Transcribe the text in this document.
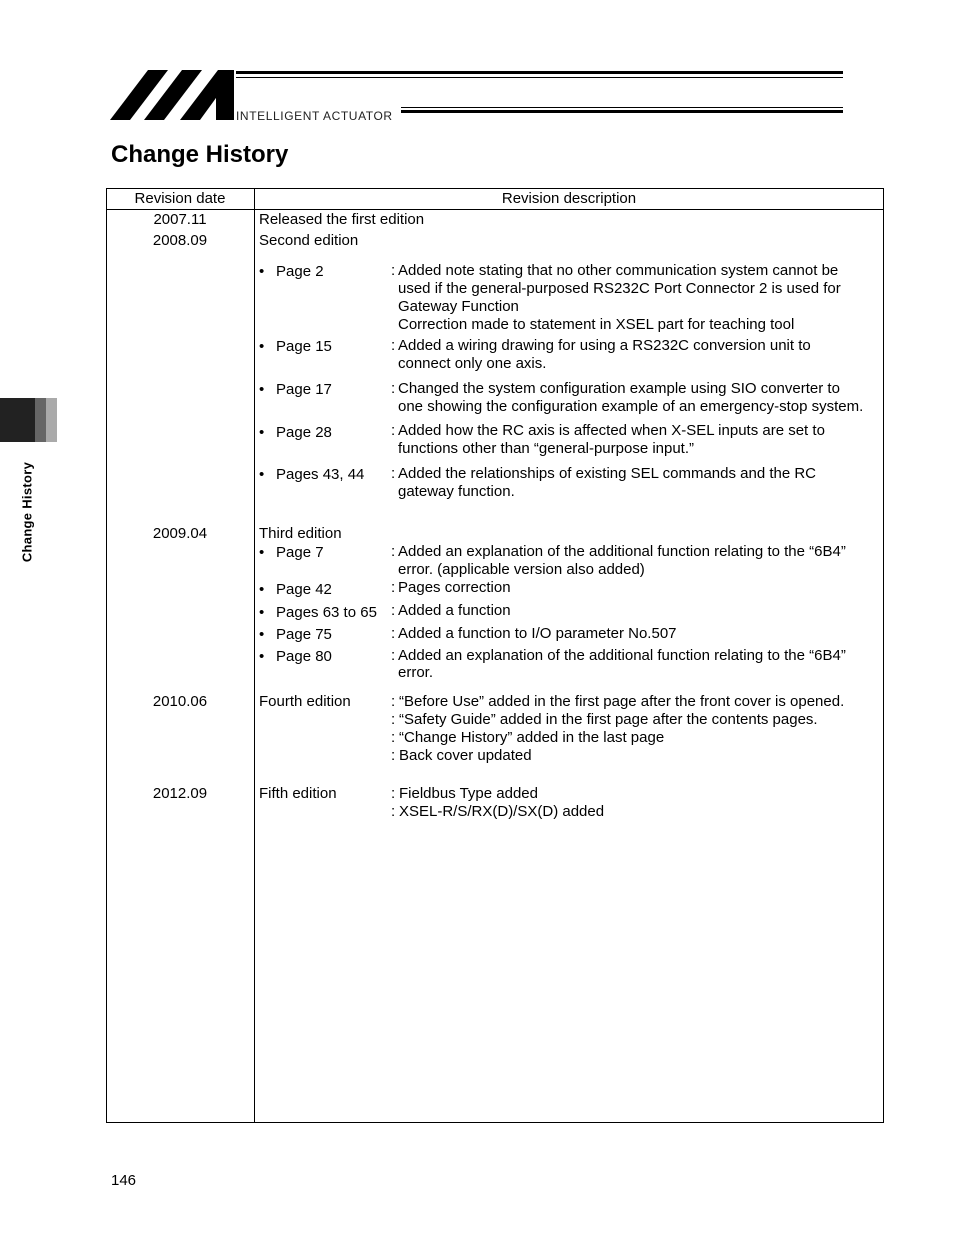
INTELLIGENT ACTUATOR
Change History
Change History
Revision date	Revision description
2007.11	Released the first edition
2008.09	Second edition
• Page 2	: Added note stating that no other communication system cannot be
used if the general-purposed RS232C Port Connector 2 is used for
Gateway Function
Correction made to statement in XSEL part for teaching tool
• Page 15	: Added a wiring drawing for using a RS232C conversion unit to
connect only one axis.
• Page 17	: Changed the system configuration example using SIO converter to
one showing the configuration example of an emergency-stop system.
• Page 28	: Added how the RC axis is affected when X-SEL inputs are set to
functions other than “general-purpose input.”
• Pages 43, 44 : Added the relationships of existing SEL commands and the RC
gateway function.
2009.04	Third edition
• Page 7	: Added an explanation of the additional function relating to the “6B4”
error. (applicable version also added)
• Page 42	: Pages correction
• Pages 63 to 65 : Added a function
• Page 75	: Added a function to I/O parameter No.507
• Page 80	: Added an explanation of the additional function relating to the “6B4”
error.
2010.06	Fourth edition	: “Before Use” added in the first page after the front cover is opened.
: “Safety Guide” added in the first page after the contents pages.
: “Change History” added in the last page
: Back cover updated
2012.09	Fifth edition	: Fieldbus Type added
: XSEL-R/S/RX(D)/SX(D) added
146
